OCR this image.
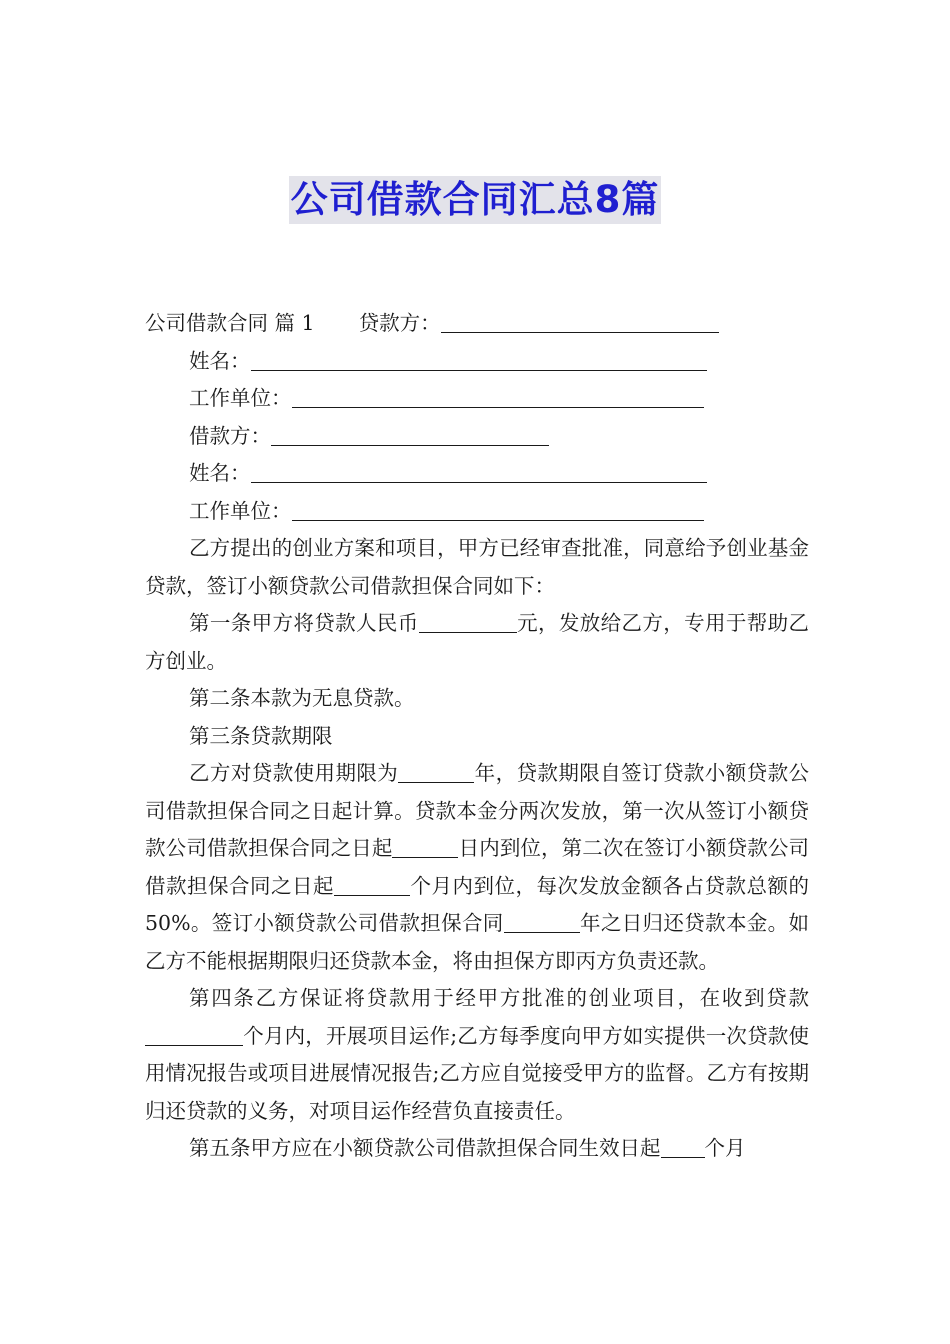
公司借款合同汇总8篇

公司借款合同 篇 1 贷款方：

姓名：

工作单位：

借款方：

姓名：

工作单位：

乙方提出的创业方案和项目，甲方已经审查批准，同意给予创业基金贷款，签订小额贷款公司借款担保合同如下：

第一条甲方将贷款人民币	元，发放给乙方，专用于帮助乙方创业。

第二条本款为无息贷款。

第三条贷款期限

乙方对贷款使用期限为	年，贷款期限自签订贷款小额贷款公司借款担保合同之日起计算。贷款本金分两次发放，第一次从签订小额贷款公司借款担保合同之日起	日内到位，第二次在签订小额贷款公司借款担保合同之日起	个月内到位，每次发放金额各占贷款总额的 50%。签订小额贷款公司借款担保合同	年之日归还贷款本金。如乙方不能根据期限归还贷款本金，将由担保方即丙方负责还款。

第四条乙方保证将贷款用于经甲方批准的创业项目，在收到贷款个月内，开展项目运作;乙方每季度向甲方如实提供一次贷款使用情况报告或项目进展情况报告;乙方应自觉接受甲方的监督。乙方有按期归还贷款的义务，对项目运作经营负直接责任。

第五条甲方应在小额贷款公司借款担保合同生效日起 个月
